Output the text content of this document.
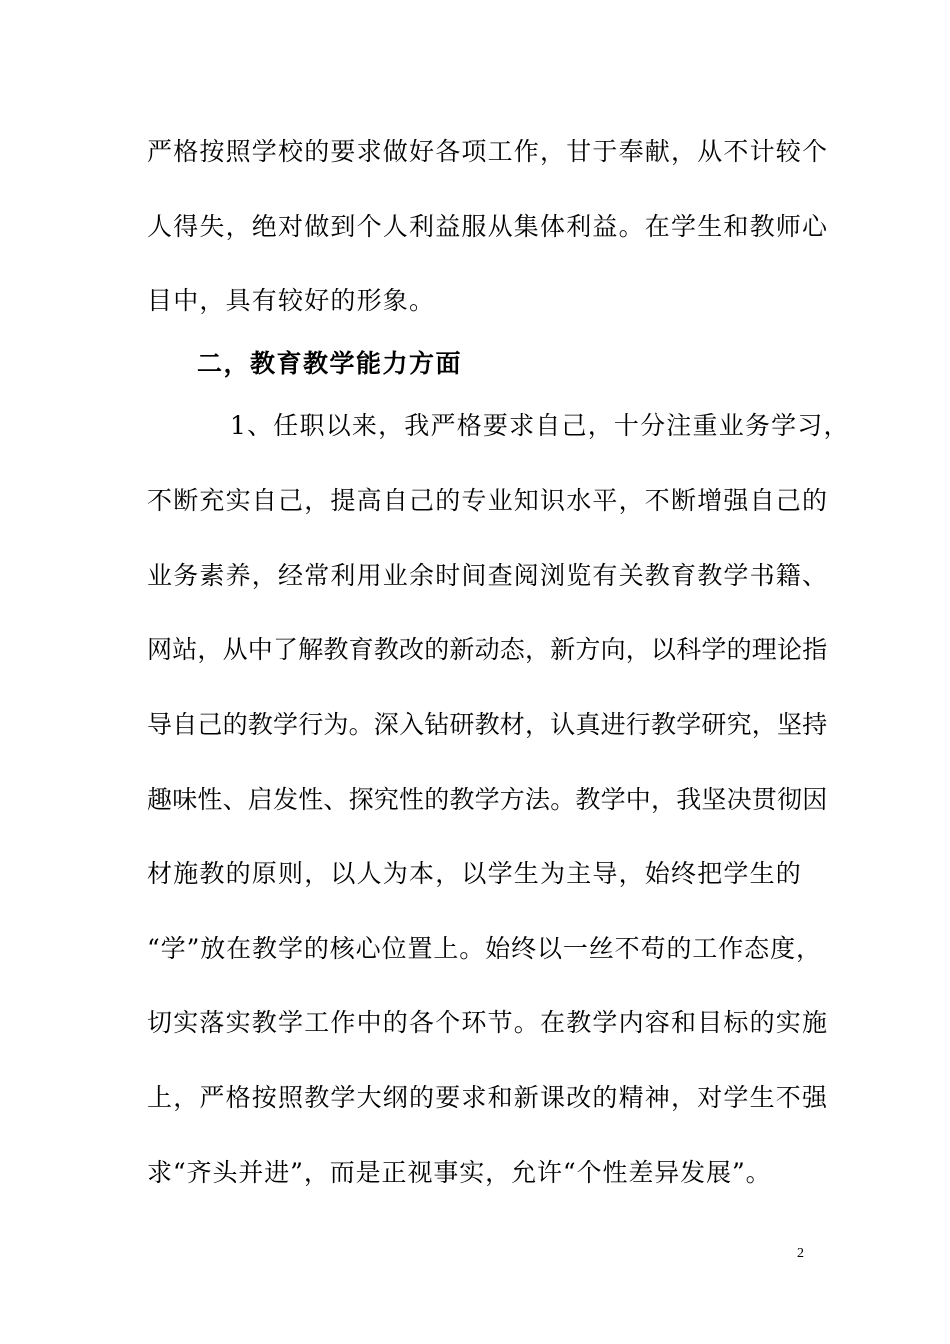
严格按照学校的要求做好各项工作，甘于奉献，从不计较个
人得失，绝对做到个人利益服从集体利益。在学生和教师心
目中，具有较好的形象。
二，教育教学能力方面
1、任职以来，我严格要求自己，十分注重业务学习，
不断充实自己，提高自己的专业知识水平，不断增强自己的
业务素养，经常利用业余时间查阅浏览有关教育教学书籍、
网站，从中了解教育教改的新动态，新方向，以科学的理论指
导自己的教学行为。深入钻研教材，认真进行教学研究，坚持
趣味性、启发性、探究性的教学方法。教学中，我坚决贯彻因
材施教的原则，以人为本，以学生为主导，始终把学生的
“学”放在教学的核心位置上。始终以一丝不苟的工作态度，
切实落实教学工作中的各个环节。在教学内容和目标的实施
上，严格按照教学大纲的要求和新课改的精神，对学生不强
求“齐头并进”，而是正视事实，允许“个性差异发展”。
2
